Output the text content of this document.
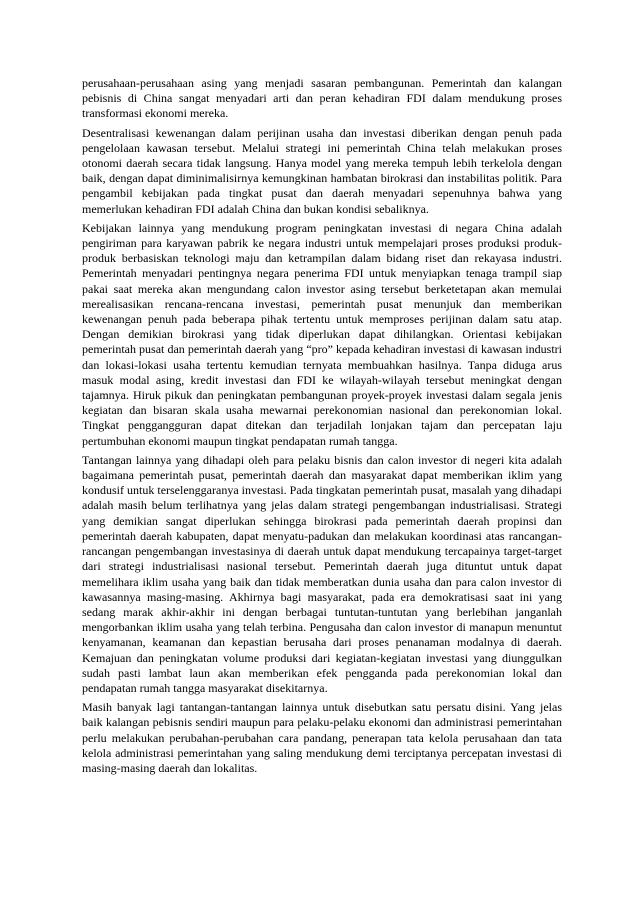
perusahaan-perusahaan asing yang menjadi sasaran pembangunan. Pemerintah dan kalangan pebisnis di China sangat menyadari arti dan peran kehadiran FDI dalam mendukung proses transformasi ekonomi mereka.

Desentralisasi kewenangan dalam perijinan usaha dan investasi diberikan dengan penuh pada pengelolaan kawasan tersebut. Melalui strategi ini pemerintah China telah melakukan proses otonomi daerah secara tidak langsung. Hanya model yang mereka tempuh lebih terkelola dengan baik, dengan dapat diminimalisirnya kemungkinan hambatan birokrasi dan instabilitas politik. Para pengambil kebijakan pada tingkat pusat dan daerah menyadari sepenuhnya bahwa yang memerlukan kehadiran FDI adalah China dan bukan kondisi sebaliknya.

Kebijakan lainnya yang mendukung program peningkatan investasi di negara China adalah pengiriman para karyawan pabrik ke negara industri untuk mempelajari proses produksi produk-produk berbasiskan teknologi maju dan ketrampilan dalam bidang riset dan rekayasa industri. Pemerintah menyadari pentingnya negara penerima FDI untuk menyiapkan tenaga trampil siap pakai saat mereka akan mengundang calon investor asing tersebut berketetapan akan memulai merealisasikan rencana-rencana investasi, pemerintah pusat menunjuk dan memberikan kewenangan penuh pada beberapa pihak tertentu untuk memproses perijinan dalam satu atap. Dengan demikian birokrasi yang tidak diperlukan dapat dihilangkan. Orientasi kebijakan pemerintah pusat dan pemerintah daerah yang “pro” kepada kehadiran investasi di kawasan industri dan lokasi-lokasi usaha tertentu kemudian ternyata membuahkan hasilnya. Tanpa diduga arus masuk modal asing, kredit investasi dan FDI ke wilayah-wilayah tersebut meningkat dengan tajamnya. Hiruk pikuk dan peningkatan pembangunan proyek-proyek investasi dalam segala jenis kegiatan dan bisaran skala usaha mewarnai perekonomian nasional dan perekonomian lokal. Tingkat penggangguran dapat ditekan dan terjadilah lonjakan tajam dan percepatan laju pertumbuhan ekonomi maupun tingkat pendapatan rumah tangga.

Tantangan lainnya yang dihadapi oleh para pelaku bisnis dan calon investor di negeri kita adalah bagaimana pemerintah pusat, pemerintah daerah dan masyarakat dapat memberikan iklim yang kondusif untuk terselenggaranya investasi. Pada tingkatan pemerintah pusat, masalah yang dihadapi adalah masih belum terlihatnya yang jelas dalam strategi pengembangan industrialisasi. Strategi yang demikian sangat diperlukan sehingga birokrasi pada pemerintah daerah propinsi dan pemerintah daerah kabupaten, dapat menyatu-padukan dan melakukan koordinasi atas rancangan-rancangan pengembangan investasinya di daerah untuk dapat mendukung tercapainya target-target dari strategi industrialisasi nasional tersebut. Pemerintah daerah juga dituntut untuk dapat memelihara iklim usaha yang baik dan tidak memberatkan dunia usaha dan para calon investor di kawasannya masing-masing. Akhirnya bagi masyarakat, pada era demokratisasi saat ini yang sedang marak akhir-akhir ini dengan berbagai tuntutan-tuntutan yang berlebihan janganlah mengorbankan iklim usaha yang telah terbina. Pengusaha dan calon investor di manapun menuntut kenyamanan, keamanan dan kepastian berusaha dari proses penanaman modalnya di daerah. Kemajuan dan peningkatan volume produksi dari kegiatan-kegiatan investasi yang diunggulkan sudah pasti lambat laun akan memberikan efek pengganda pada perekonomian lokal dan pendapatan rumah tangga masyarakat disekitarnya.

Masih banyak lagi tantangan-tantangan lainnya untuk disebutkan satu persatu disini. Yang jelas baik kalangan pebisnis sendiri maupun para pelaku-pelaku ekonomi dan administrasi pemerintahan perlu melakukan perubahan-perubahan cara pandang, penerapan tata kelola perusahaan dan tata kelola administrasi pemerintahan yang saling mendukung demi terciptanya percepatan investasi di masing-masing daerah dan lokalitas.
